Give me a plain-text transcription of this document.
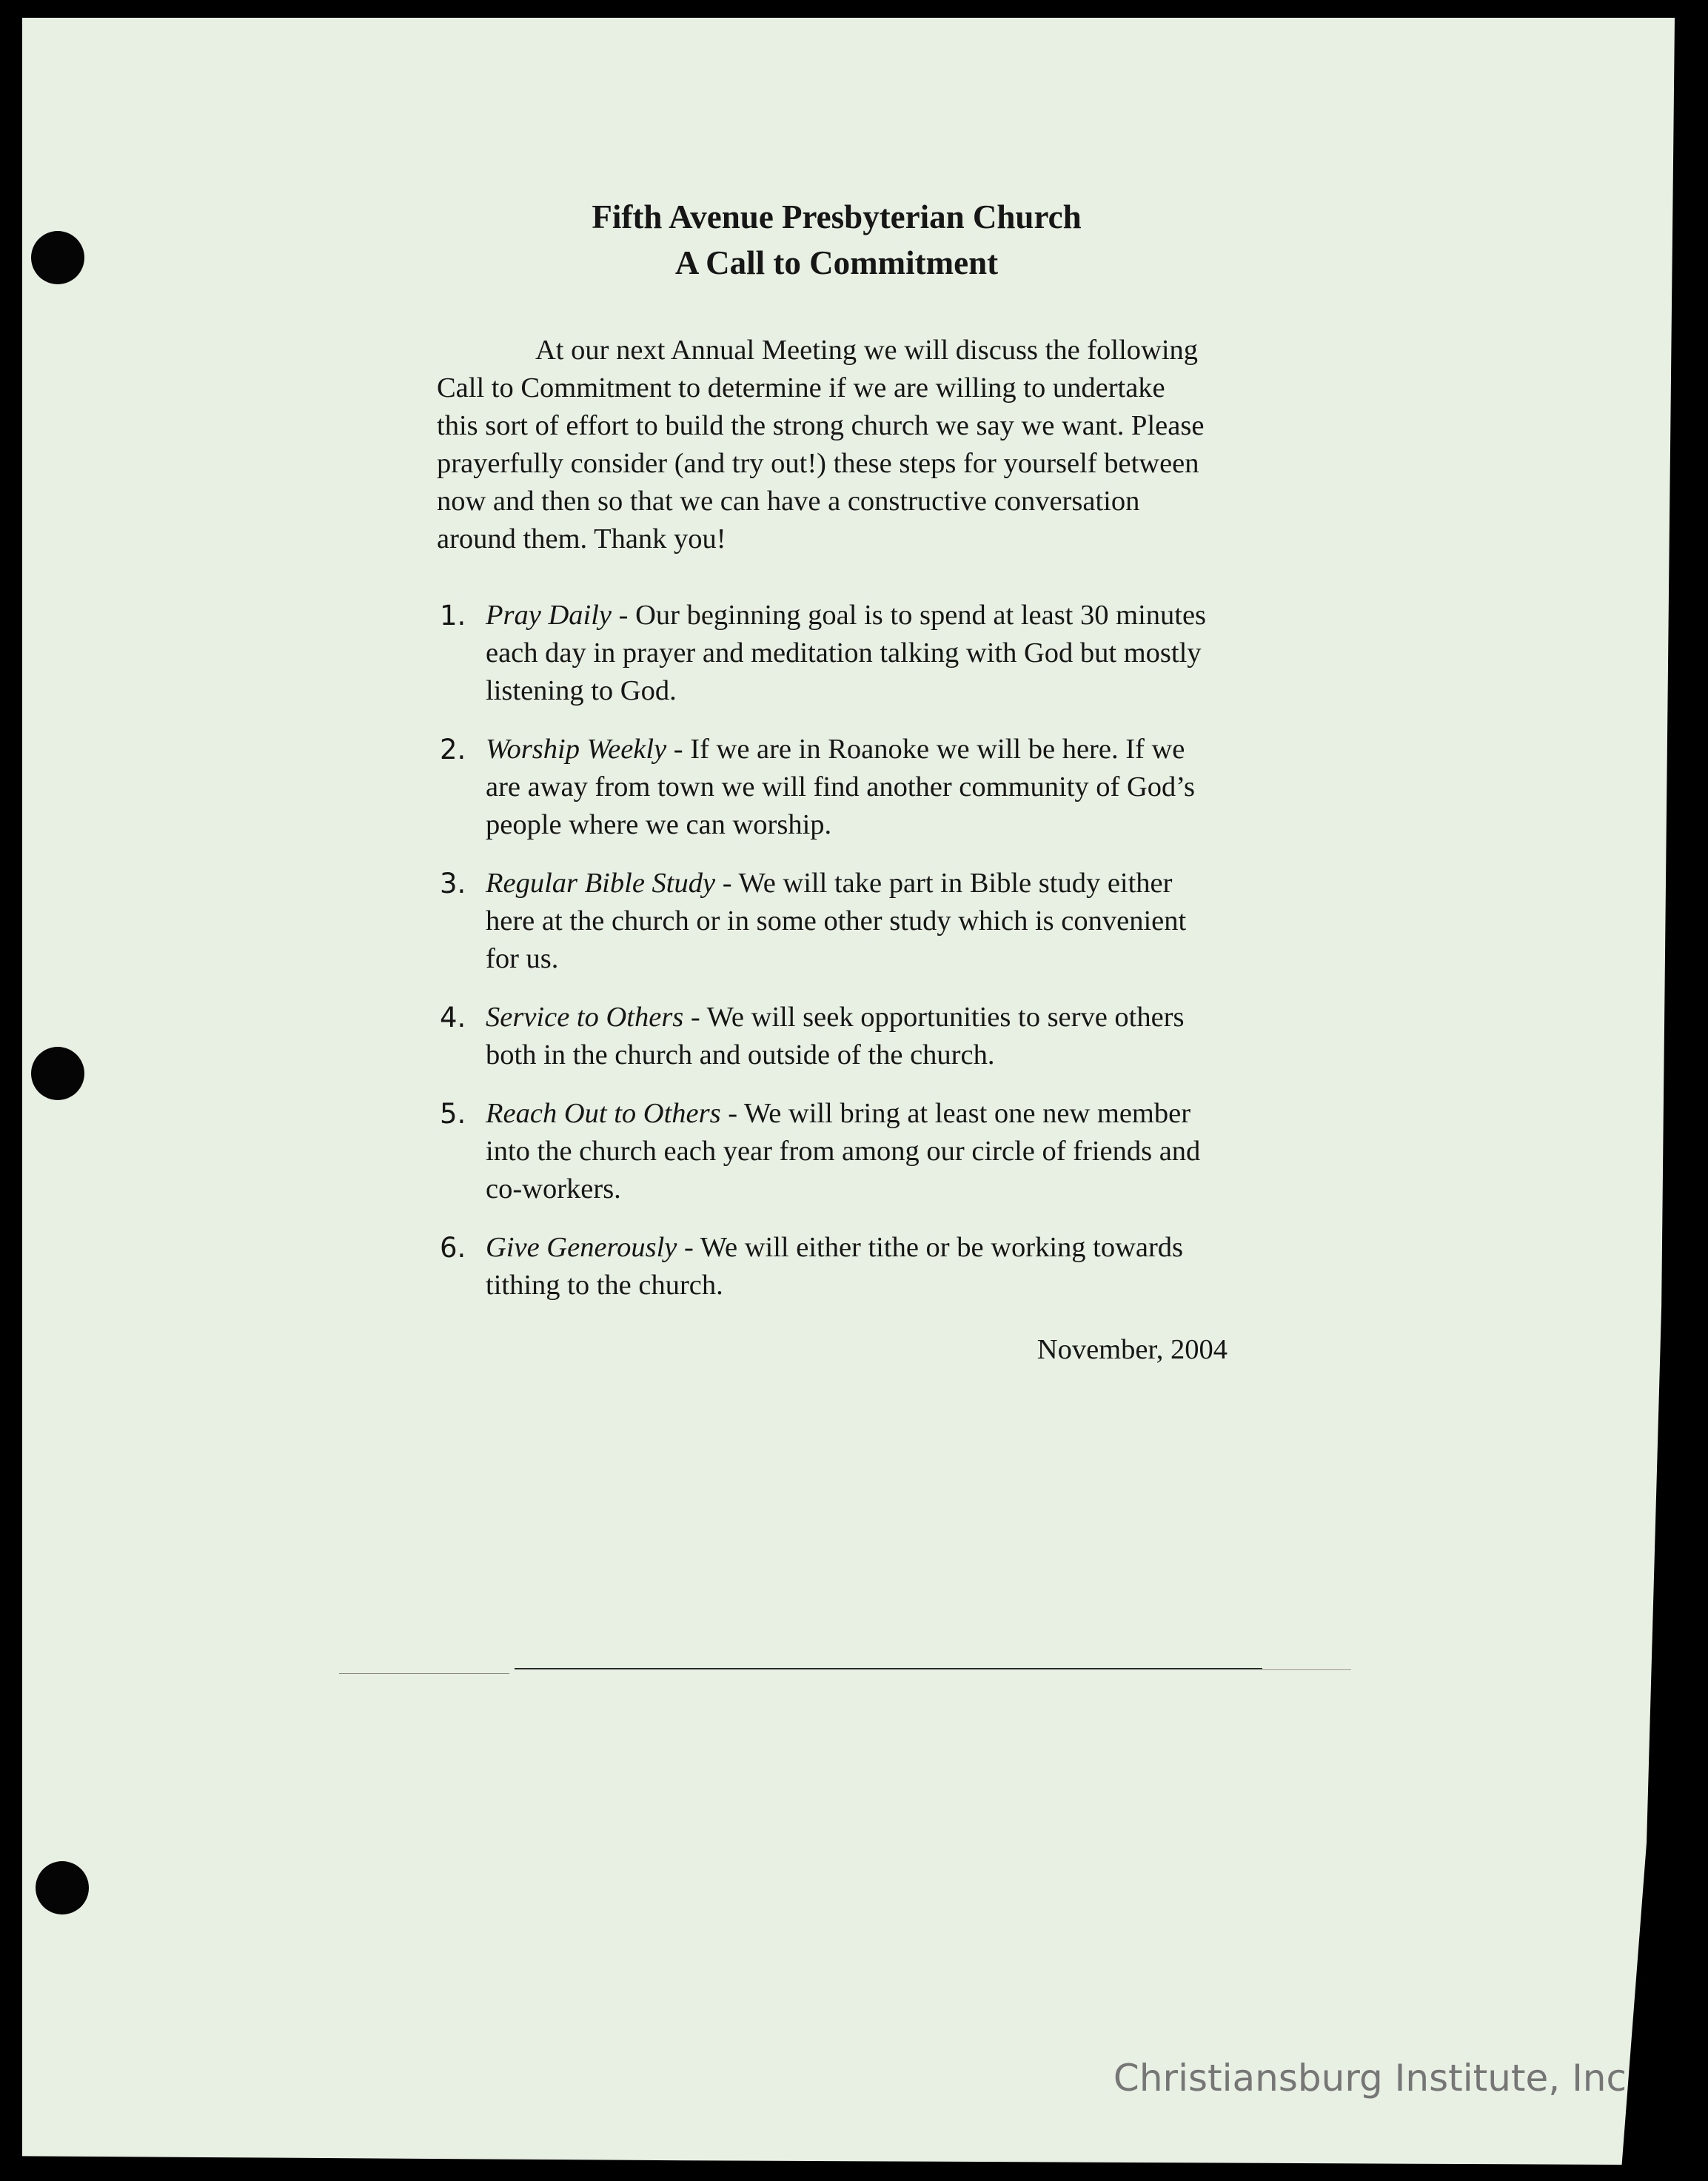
Fifth Avenue Presbyterian Church
A Call to Commitment

At our next Annual Meeting we will discuss the following Call to Commitment to determine if we are willing to undertake this sort of effort to build the strong church we say we want. Please prayerfully consider (and try out!) these steps for yourself between now and then so that we can have a constructive conversation around them. Thank you!

1. Pray Daily - Our beginning goal is to spend at least 30 minutes each day in prayer and meditation talking with God but mostly listening to God.
2. Worship Weekly - If we are in Roanoke we will be here. If we are away from town we will find another community of God’s people where we can worship.
3. Regular Bible Study - We will take part in Bible study either here at the church or in some other study which is convenient for us.
4. Service to Others - We will seek opportunities to serve others both in the church and outside of the church.
5. Reach Out to Others - We will bring at least one new member into the church each year from among our circle of friends and co-workers.
6. Give Generously - We will either tithe or be working towards tithing to the church.
November, 2004
Christiansburg Institute, Inc
